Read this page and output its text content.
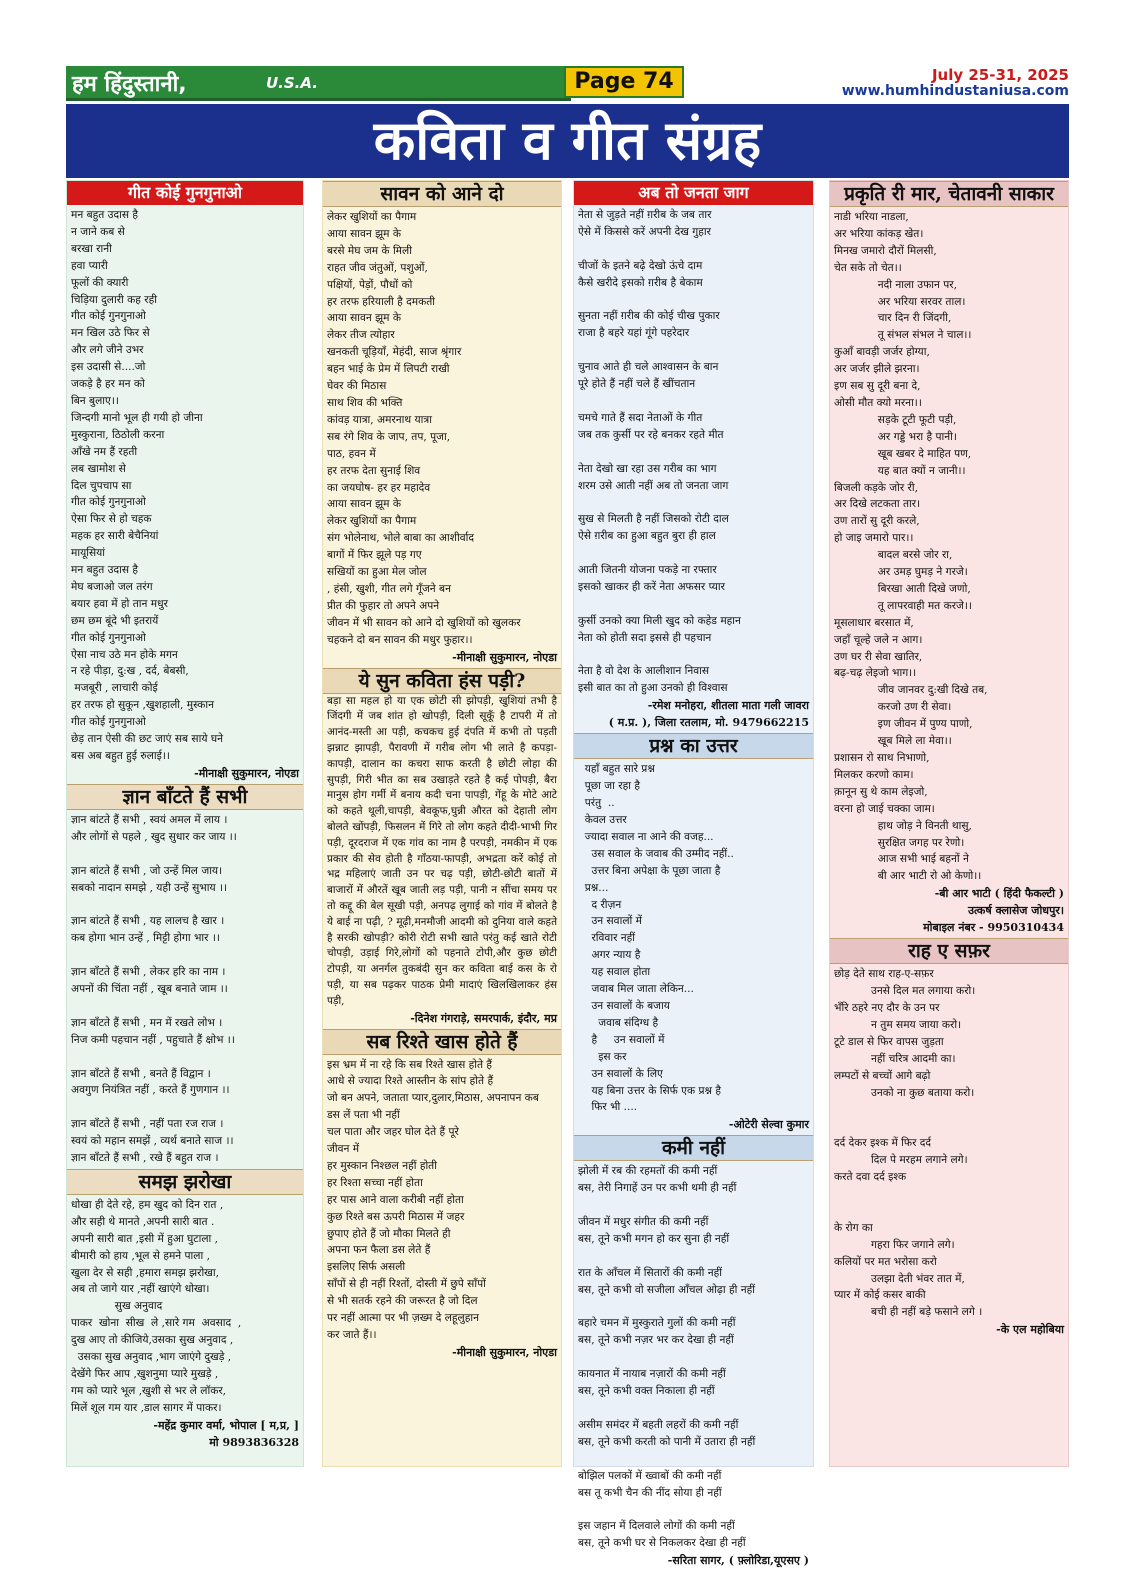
हम हिंदुस्तानी,	U.S.A.	Page 74	July 25-31, 2025
www.humhindustaniusa.com
कविता व गीत संग्रह
गीत कोई गुनगुनाओ
मन बहुत उदास है
न जाने कब से
बरखा रानी
हवा प्यारी
फूलों की क्यारी
चिड़िया दुलारी कह रही
गीत कोई गुनगुनाओ
मन खिल उठे फिर से
और लगे जीने उभर
इस उदासी से....जो
जकड़े है हर मन को
बिन बुलाए।।
जिन्दगी मानो भूल ही गयी हो जीना
मुस्कुराना, ठिठोली करना
आँखे नम हैं रहती
लब खामोश से
दिल चुपचाप सा
गीत कोई गुनगुनाओ
ऐसा फिर से हो चहक
महक हर सारी बेचैनियां
मायूसियां
मन बहुत उदास है
मेघ बजाओ जल तरंग
बयार हवा में हो तान मधुर
छम छम बूंदे भी इतरायें
गीत कोई गुनगुनाओ
ऐसा नाच उठे मन होके मगन
न रहे पीड़ा, दु:ख , दर्द, बेबसी,
मजबूरी , लाचारी कोई
हर तरफ हो सुकून ,खुशहाली, मुस्कान
गीत कोई गुनगुनाओ
छेड़ तान ऐसी की छट जाएं सब साये घने
बस अब बहुत हुई रुलाई।।
-मीनाक्षी सुकुमारन, नोएडा
ज्ञान बाँटते हैं सभी
ज्ञान बांटते हैं सभी , स्वयं अमल में लाय ।
और लोगों से पहले , खुद सुधार कर जाय ।।

ज्ञान बांटते हैं सभी , जो उन्हें मिल जाय।
सबको नादान समझे , यही उन्हें सुभाय ।।

ज्ञान बांटते हैं सभी , यह लालच है खार ।
कब होगा भान उन्हें , मिट्टी होगा भार ।।

ज्ञान बाँटते हैं सभी , लेकर हरि का नाम ।
अपनों की चिंता नहीं , खूब बनाते जाम ।।

ज्ञान बाँटते हैं सभी , मन में रखते लोभ ।
निज कमी पहचान नहीं , पहुचाते हैं क्षोभ ।।

ज्ञान बाँटते हैं सभी , बनते हैं विद्वान ।
अवगुण नियंत्रित नहीं , करते हैं गुणगान ।।

ज्ञान बाँटते हैं सभी , नहीं पता रज राज ।
स्वयं को महान समझें , व्यर्थ बनाते साज ।।
ज्ञान बाँटते हैं सभी , रखे हैं बहुत राज ।
समझ झरोखा
धोखा ही देते रहे, हम खुद को दिन रात ,
और सही थे मानते ,अपनी सारी बात .
अपनी सारी बात ,इसी में हुआ घुटाला ,
बीमारी को हाय ,भूल से हमने पाला ,
खुला देर से सही ,हमारा समझ झरोखा,
अब तो जागे यार ,नहीं खाएंगे धोखा।
सुख अनुवाद
पाकर  खोना  सीख  ले ,सारे गम  अवसाद  ,
दुख आए तो कीजिये,उसका सुख अनुवाद ,
उसका सुख अनुवाद ,भाग जाएंगे दुखड़े ,
देखेंगे फिर आप ,खुशनुमा प्यारे मुखड़े ,
गम को प्यारे भूल ,खुशी से भर ले लॉकर,
मिलें शूल गम यार ,डाल सागर में पाकर।
-महेंद्र कुमार वर्मा, भोपाल [ म,प्र, ]
मो 9893836328
सावन को आने दो
लेकर खुशियों का पैगाम
आया सावन झूम के
बरसे मेघ जम के मिली
राहत जीव जंतुओं, पशुओं,
पक्षियों, पेड़ों, पौधों को
हर तरफ हरियाली है दमकती
आया सावन झूम के
लेकर तीज त्योहार
खनकती चूड़ियाँ, मेहंदी, साज श्रृंगार
बहन भाई के प्रेम में लिपटी राखी
घेवर की मिठास
साथ शिव की भक्ति
कांवड़ यात्रा, अमरनाथ यात्रा
सब रंगे शिव के जाप, तप, पूजा,
पाठ, हवन में
हर तरफ देता सुनाई शिव
का जयघोष- हर हर महादेव
आया सावन झूम के
लेकर खुशियों का पैगाम
संग भोलेनाथ, भोले बाबा का आशीर्वाद
बागों में फिर झूले पड़ गए
सखियों का हुआ मेल जोल
, हंसी, खुशी, गीत लगे गूँजने बन
प्रीत की फुहार तो अपने अपने
जीवन में भी सावन को आने दो खुशियों को खुलकर
चहकने दो बन सावन की मधुर फुहार।।
-मीनाक्षी सुकुमारन, नोएडा
ये सुन कविता हंस पड़ी?
बड़ा सा महल हो या एक छोटी सी झोपड़ी, खुशियां तभी है जिंदगी में जब शांत हो खोपड़ी, दिली सूकूँ है टापरी में तो आनंद-मस्ती आ पड़ी, कचकच हुई दंपति में कभी तो पड़ती झन्नाट झापड़ी, पैरावणी में गरीब लोग भी लाते है कपड़ा-कापड़ी, दालान का कचरा साफ करती है छोटी लोहा की सुपड़ी, गिरी भीत का सब उखाड़ते रहते है कई पोपड़ी, बैरा मानुस होग गर्मी में बनाय कदी चना पापड़ी, गेंहू के मोटे आटे को कहते थूली,चापड़ी, बेवकूफ,घुन्नी औरत को देहाती लोग बोलते खोंपड़ी, फिसलन में गिरे तो लोग कहते दीदी-भाभी गिर पड़ी, दूरदराज में एक गांव का नाम है परपड़ी, नमकीन में एक प्रकार की सेव होती है गाँठया-फापड़ी, अभद्रता करें कोई तो भद्र महिलाएं जाती उन पर चढ़ पड़ी, छोटी-छोटी बातों में बाजारों में औरतें खूब जाती लड़ पड़ी, पानी न सींचा समय पर तो कद्दू की बेल सूखी पड़ी, अनपढ़ लुगाई को गांव में बोलते है ये बाई ना पढ़ी, ? मूढ़ी,मनमौजी आदमी को दुनिया वाले कहते है सरकी खोपड़ी? कोरी रोटी सभी खाते परंतु कई खाते रोटी चोपड़ी, उड़ाई गिरे,लोगों को पहनाते टोपी,और कुछ छोटी टोपड़ी, या अनर्गल तुकबंदी सुन कर कविता बाई कस के रो पड़ी, या सब पढ़कर पाठक प्रेमी मादाएं खिलखिलाकर हंस पड़ी,
-दिनेश गंगराड़े, समरपार्क, इंदौर, मप्र
सब रिश्ते खास होते हैं
इस भ्रम में ना रहे कि सब रिश्ते खास होते हैं
आधे से ज्यादा रिश्ते आस्तीन के सांप होते हैं
जो बन अपने, जताता प्यार,दुलार,मिठास, अपनापन कब
डस लें पता भी नहीं
चल पाता और जहर घोल देते हैं पूरे
जीवन में
हर मुस्कान निश्छल नहीं होती
हर रिश्ता सच्चा नहीं होता
हर पास आने वाला करीबी नहीं होता
कुछ रिश्ते बस ऊपरी मिठास में जहर
छुपाए होते हैं जो मौका मिलते ही
अपना फन फैला डस लेते हैं
इसलिए सिर्फ असली
साँपों से ही नहीं रिश्तों, दोस्ती में छुपे साँपों
से भी सतर्क रहने की जरूरत है जो दिल
पर नहीं आत्मा पर भी ज़ख्म दे लहूलुहान
कर जाते हैं।।
-मीनाक्षी सुकुमारन, नोएडा
अब तो जनता जाग
नेता से जुड़ते नहीं ग़रीब के जब तार
ऐसे में किससे करें अपनी देख गुहार

चीजों के इतने बढ़े देखो ऊंचे दाम
कैसे खरीदे इसको ग़रीब है बेकाम

सुनता नहीं ग़रीब की कोई चीख पुकार
राजा है बहरे यहां गूंगे पहरेदार

चुनाव आते ही चले आश्वासन के बान
पूरे होते हैं नहीं चले हैं खींचतान

चमचे गाते हैं सदा नेताओं के गीत
जब तक कुर्सी पर रहे बनकर रहते मीत

नेता देखो खा रहा उस गरीब का भाग
शरम उसे आती नहीं अब तो जनता जाग

सुख से मिलती है नहीं जिसको रोटी दाल
ऐसे ग़रीब का हुआ बहुत बुरा ही हाल

आती जितनी योजना पकड़े ना रफ्तार
इसको खाकर ही करें नेता अफसर प्यार

कुर्सी उनको क्या मिली खुद को कहेड महान
नेता को होती सदा इससे ही पहचान

नेता है वो देश के आलीशान निवास
इसी बात का तो हुआ उनको ही विश्वास
-रमेश मनोहरा, शीतला माता गली जावरा
( म.प्र. ), जिला रतलाम, मो. 9479662215
प्रश्न का उत्तर
यहाँ बहुत सारे प्रश्न
पूछा जा रहा है
परंतु  ..
केवल उत्तर
ज्यादा सवाल ना आने की वजह...
उस सवाल के जवाब की उम्मीद नहीं..
उत्तर बिना अपेक्षा के पूछा जाता है
प्रश्न...
द रीज़न
उन सवालों में
रविवार नहीं
अगर न्याय है
यह सवाल होता
जवाब मिल जाता लेकिन...
उन सवालों के बजाय
जवाब संदिग्ध है
है     उन सवालों में
इस कर
उन सवालों के लिए
यह बिना उत्तर के सिर्फ एक प्रश्न है
फिर भी ....
-ओटेरी सेल्वा कुमार
कमी नहीं
झोली में रब की रहमतों की कमी नहीं
बस, तेरी निगाहें उन पर कभी थमी ही नहीं

जीवन में मधुर संगीत की कमी नहीं
बस, तूने कभी मगन हो कर सुना ही नहीं

रात के आँचल में सितारों की कमी नहीं
बस, तूने कभी वो सजीला आँचल ओढ़ा ही नहीं

बहारे चमन में मुस्कुराते गुलों की कमी नहीं
बस, तूने कभी नज़र भर कर देखा ही नहीं

कायनात में नायाब नज़ारों की कमी नहीं
बस, तूने कभी वक्त निकाला ही नहीं

असीम समंदर में बहती लहरों की कमी नहीं
बस, तूने कभी करती को पानी में उतारा ही नहीं

बोझिल पलकों में ख्वाबों की कमी नहीं
बस तू कभी चैन की नींद सोया ही नहीं

इस जहान में दिलवाले लोगों की कमी नहीं
बस, तूने कभी घर से निकलकर देखा ही नहीं
-सरिता सागर, ( फ़्लोरिडा,यूएसए )
प्रकृति री मार, चेतावनी साकार
नाडी भरिया नाडला,
अर भरिया कांकड़ खेत।
मिनख जमारो दौरों मिलसी,
चेत सके तो चेत।।
नदी नाला उफान पर,
अर भरिया सरवर ताल।
चार दिन री जिंदगी,
तू संभल संभल ने चाल।।
कुआँ बावड़ी जर्जर होग्या,
अर जर्जर झीले झरना।
इण सब सु दूरी बना दे,
ओसी मौत क्यो मरना।।
सड़के टूटी फूटी पड़ी,
अर गड्डे भरा है पानी।
खूब खबर दे माहित पण,
यह बात क्यों न जानी।।
बिजली कड़के जोर री,
अर दिखे लटकता तार।
उण तारों सु दूरी करले,
हो जाइ जमारो पार।।
बादल बरसे जोर रा,
अर उमड़ घुमड़ ने गरजे।
बिरखा आती दिखे जणो,
तू लापरवाही मत करजे।।
मूसलाधार बरसात में,
जहाँ चूल्हे जले न आग।
उण घर री सेवा खातिर,
बढ़-चढ़ लेइजो भाग।।
जीव जानवर दु:खी दिखे तब,
करजो उण री सेवा।
इण जीवन में पुण्य पाणो,
खूब मिले ला मेवा।।
प्रशासन रो साथ निभाणो,
मिलकर करणो काम।
क़ानून सु थे काम लेइजो,
वरना हो जाई चक्का जाम।
हाथ जोड़ ने विनती थासु,
सुरक्षित जगह पर रेणो।
आज सभी भाई बहनों ने
बी आर भाटी रो ओ केणो।।
-बी आर भाटी ( हिंदी फैकल्टी )
उत्कर्ष क्लासेज जोधपुर।
मोबाइल नंबर - 9950310434
राह ए सफ़र
छोड़ देते साथ राह-ए-सफ़र
उनसे दिल मत लगाया करो।
भँरि ठहरे नए दौर के उन पर
न तुम समय जाया करो।
टूटे डाल से फिर वापस जुड़ता
नहीं चरित्र आदमी का।
लम्पटों से बच्चों आगे बढ़ो
उनको ना कुछ बताया करो।

दर्द देकर इश्क में फिर दर्द
दिल पे मरहम लगाने लगे।
करते दवा दर्द इश्क

के रोग का
गहरा फिर जगाने लगे।
कलियों पर मत भरोसा करो
उलझा देती भंवर तात में,
प्यार में कोई कसर बाकी
बची ही नहीं बड़े फसाने लगे ।
-के एल महोबिया
